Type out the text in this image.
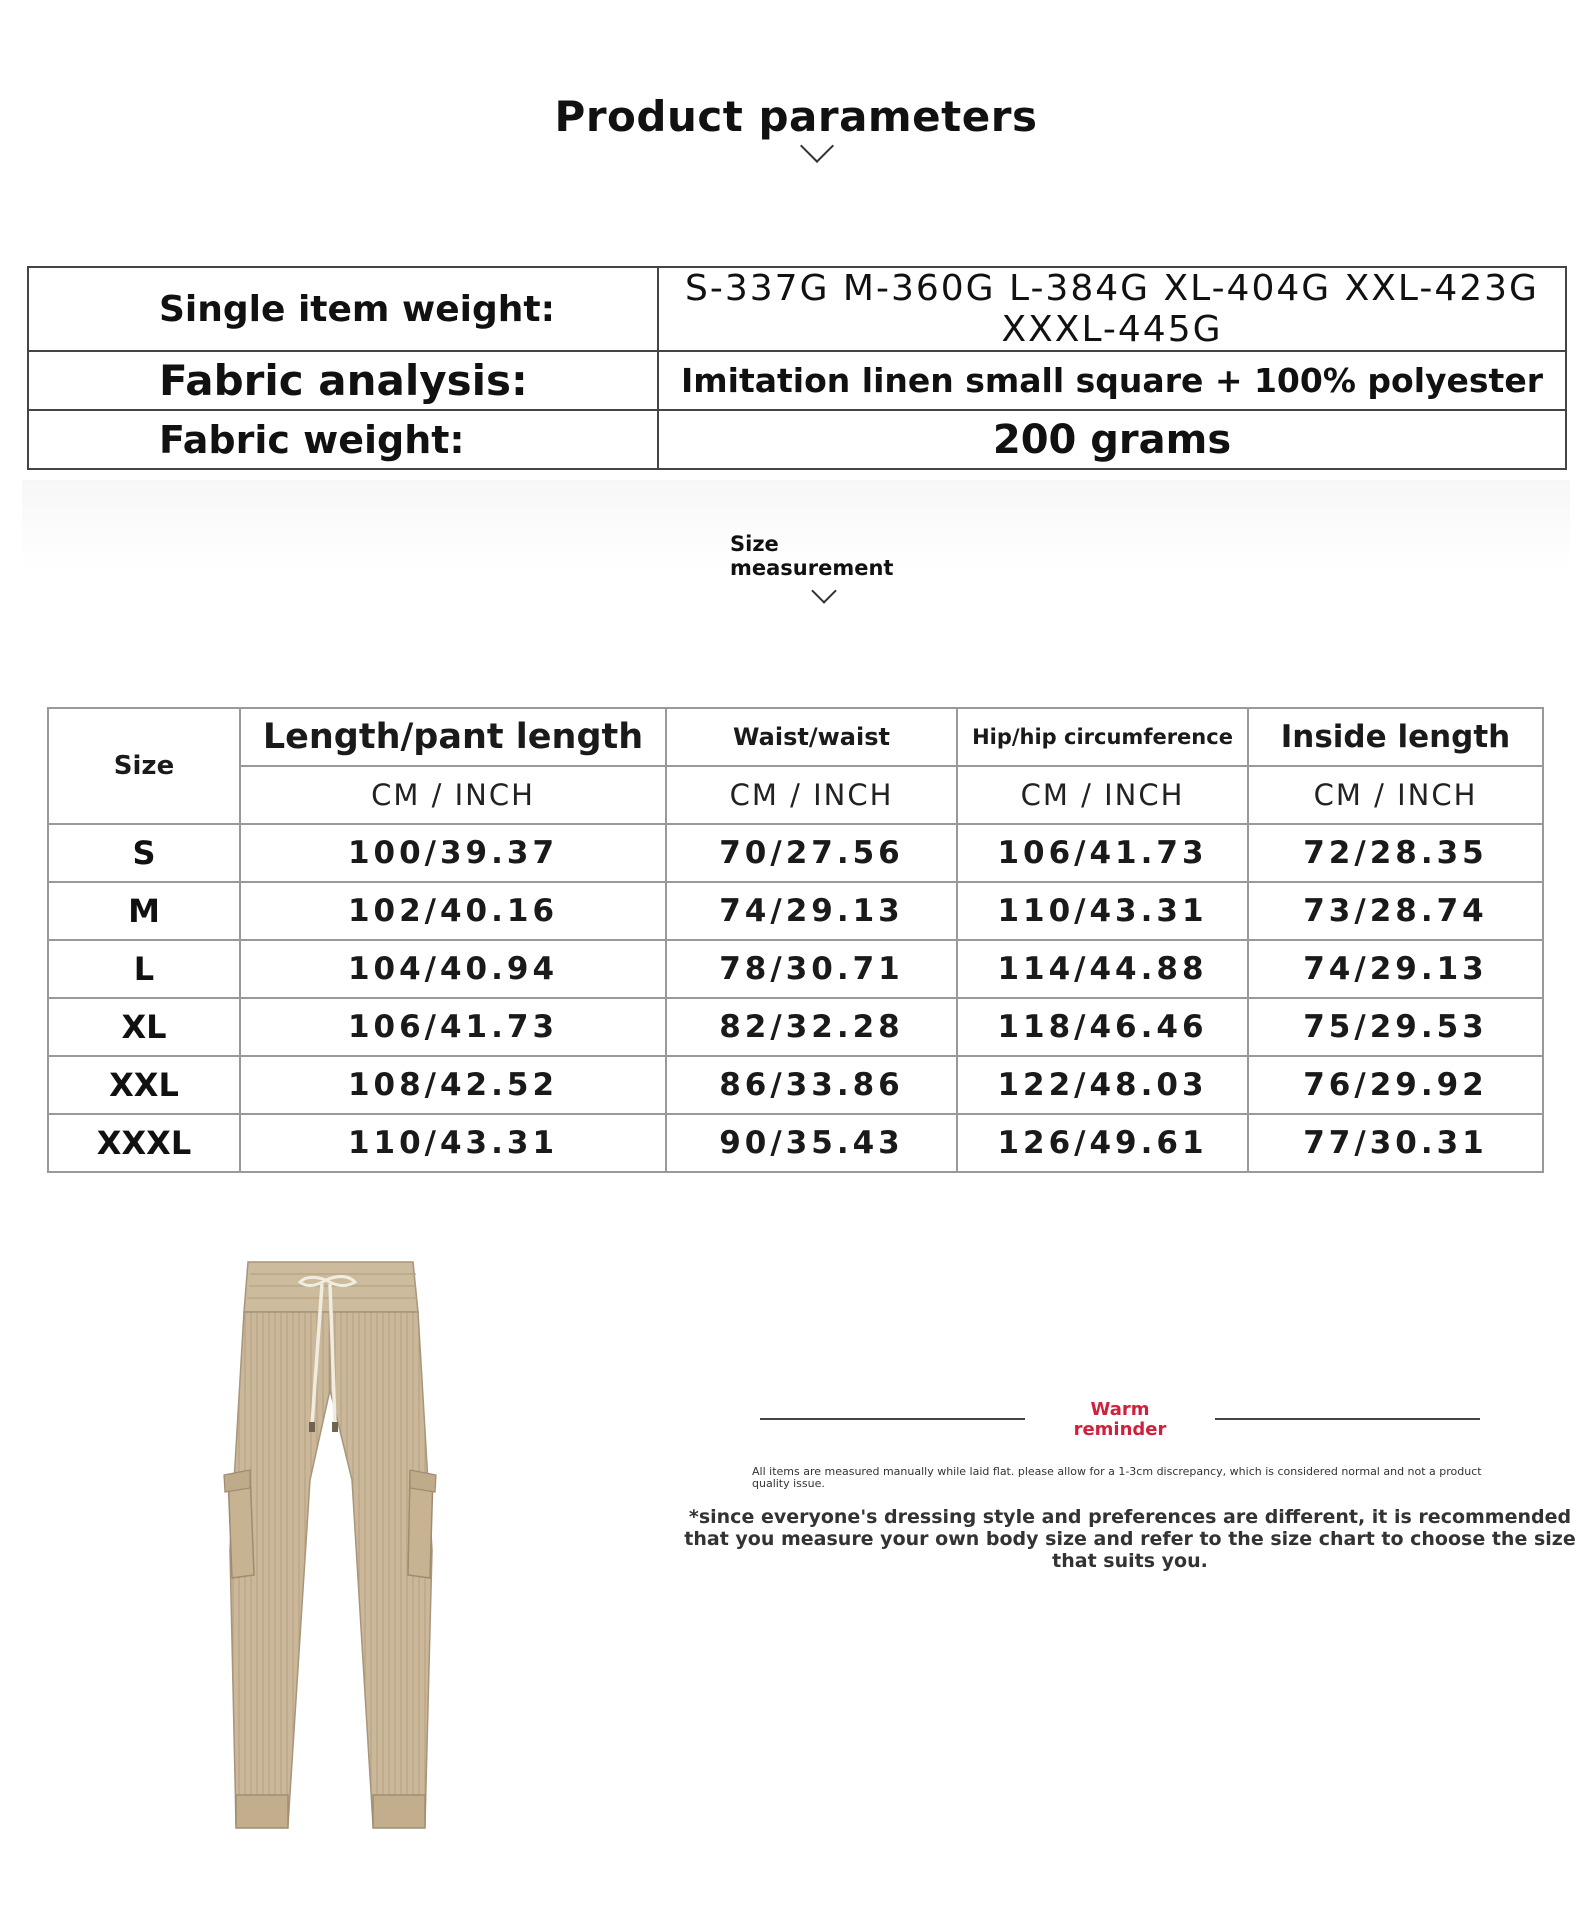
Product parameters
Single item weight:	S-337G M-360G L-384G XL-404G XXL-423G XXXL-445G
Fabric analysis:	Imitation linen small square + 100% polyester
Fabric weight:	200 grams
Size
measurement
Size	Length/pant length	Waist/waist	Hip/hip circumference	Inside length
	CM / INCH	CM / INCH	CM / INCH	CM / INCH
S	100/39.37	70/27.56	106/41.73	72/28.35
M	102/40.16	74/29.13	110/43.31	73/28.74
L	104/40.94	78/30.71	114/44.88	74/29.13
XL	106/41.73	82/32.28	118/46.46	75/29.53
XXL	108/42.52	86/33.86	122/48.03	76/29.92
XXXL	110/43.31	90/35.43	126/49.61	77/30.31
Warm
reminder
All items are measured manually while laid flat. please allow for a 1-3cm discrepancy, which is considered normal and not a product quality issue.
*since everyone's dressing style and preferences are different, it is recommended that you measure your own body size and refer to the size chart to choose the size that suits you.
